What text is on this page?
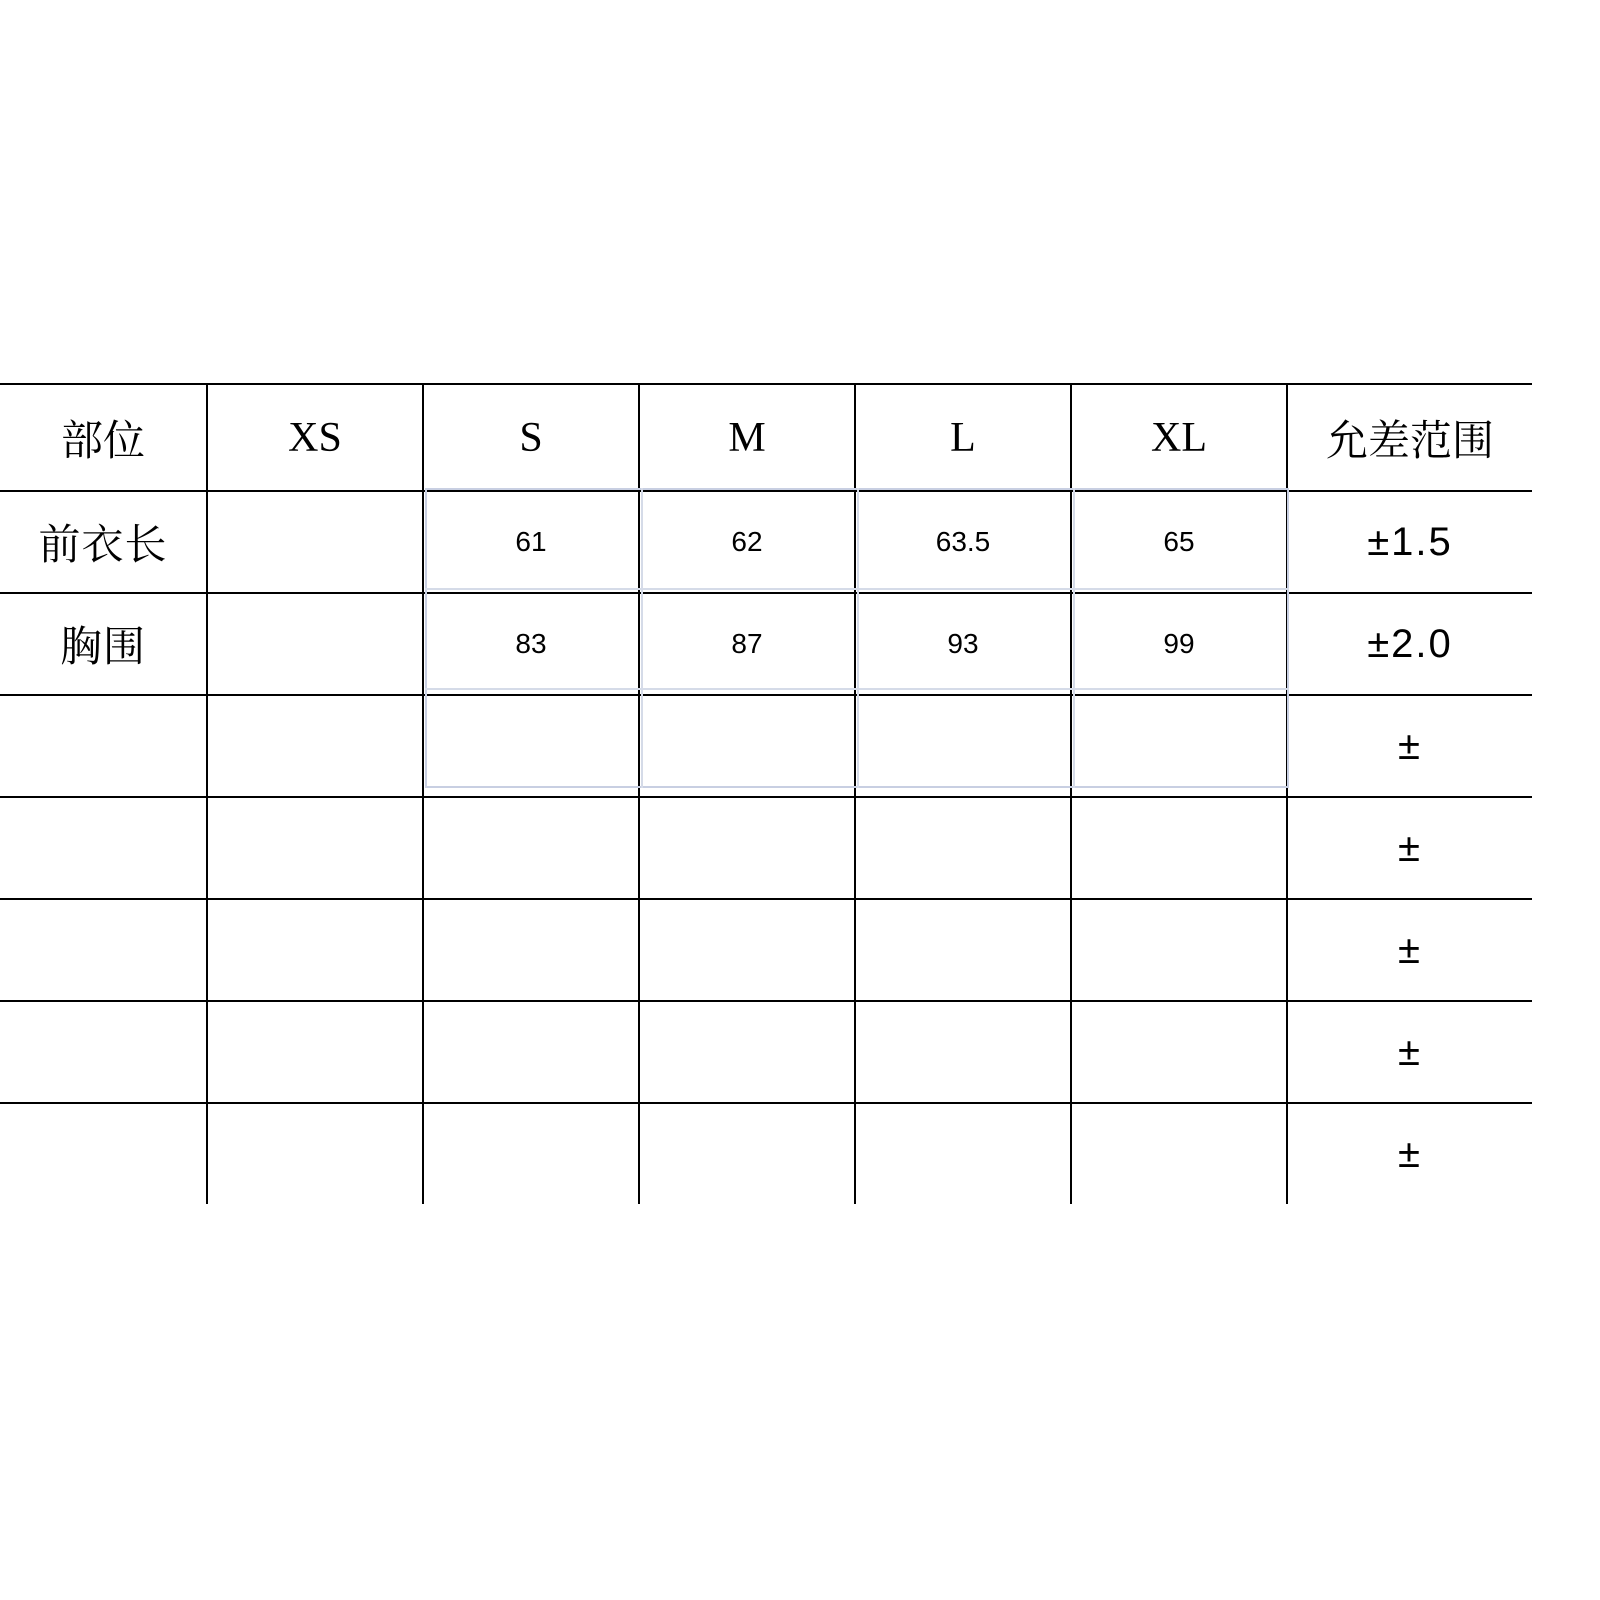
部位	XS	S	M	L	XL	允差范围
前衣长		61	62	63.5	65	±1.5
胸围		83	87	93	99	±2.0
						±
						±
						±
						±
						±
